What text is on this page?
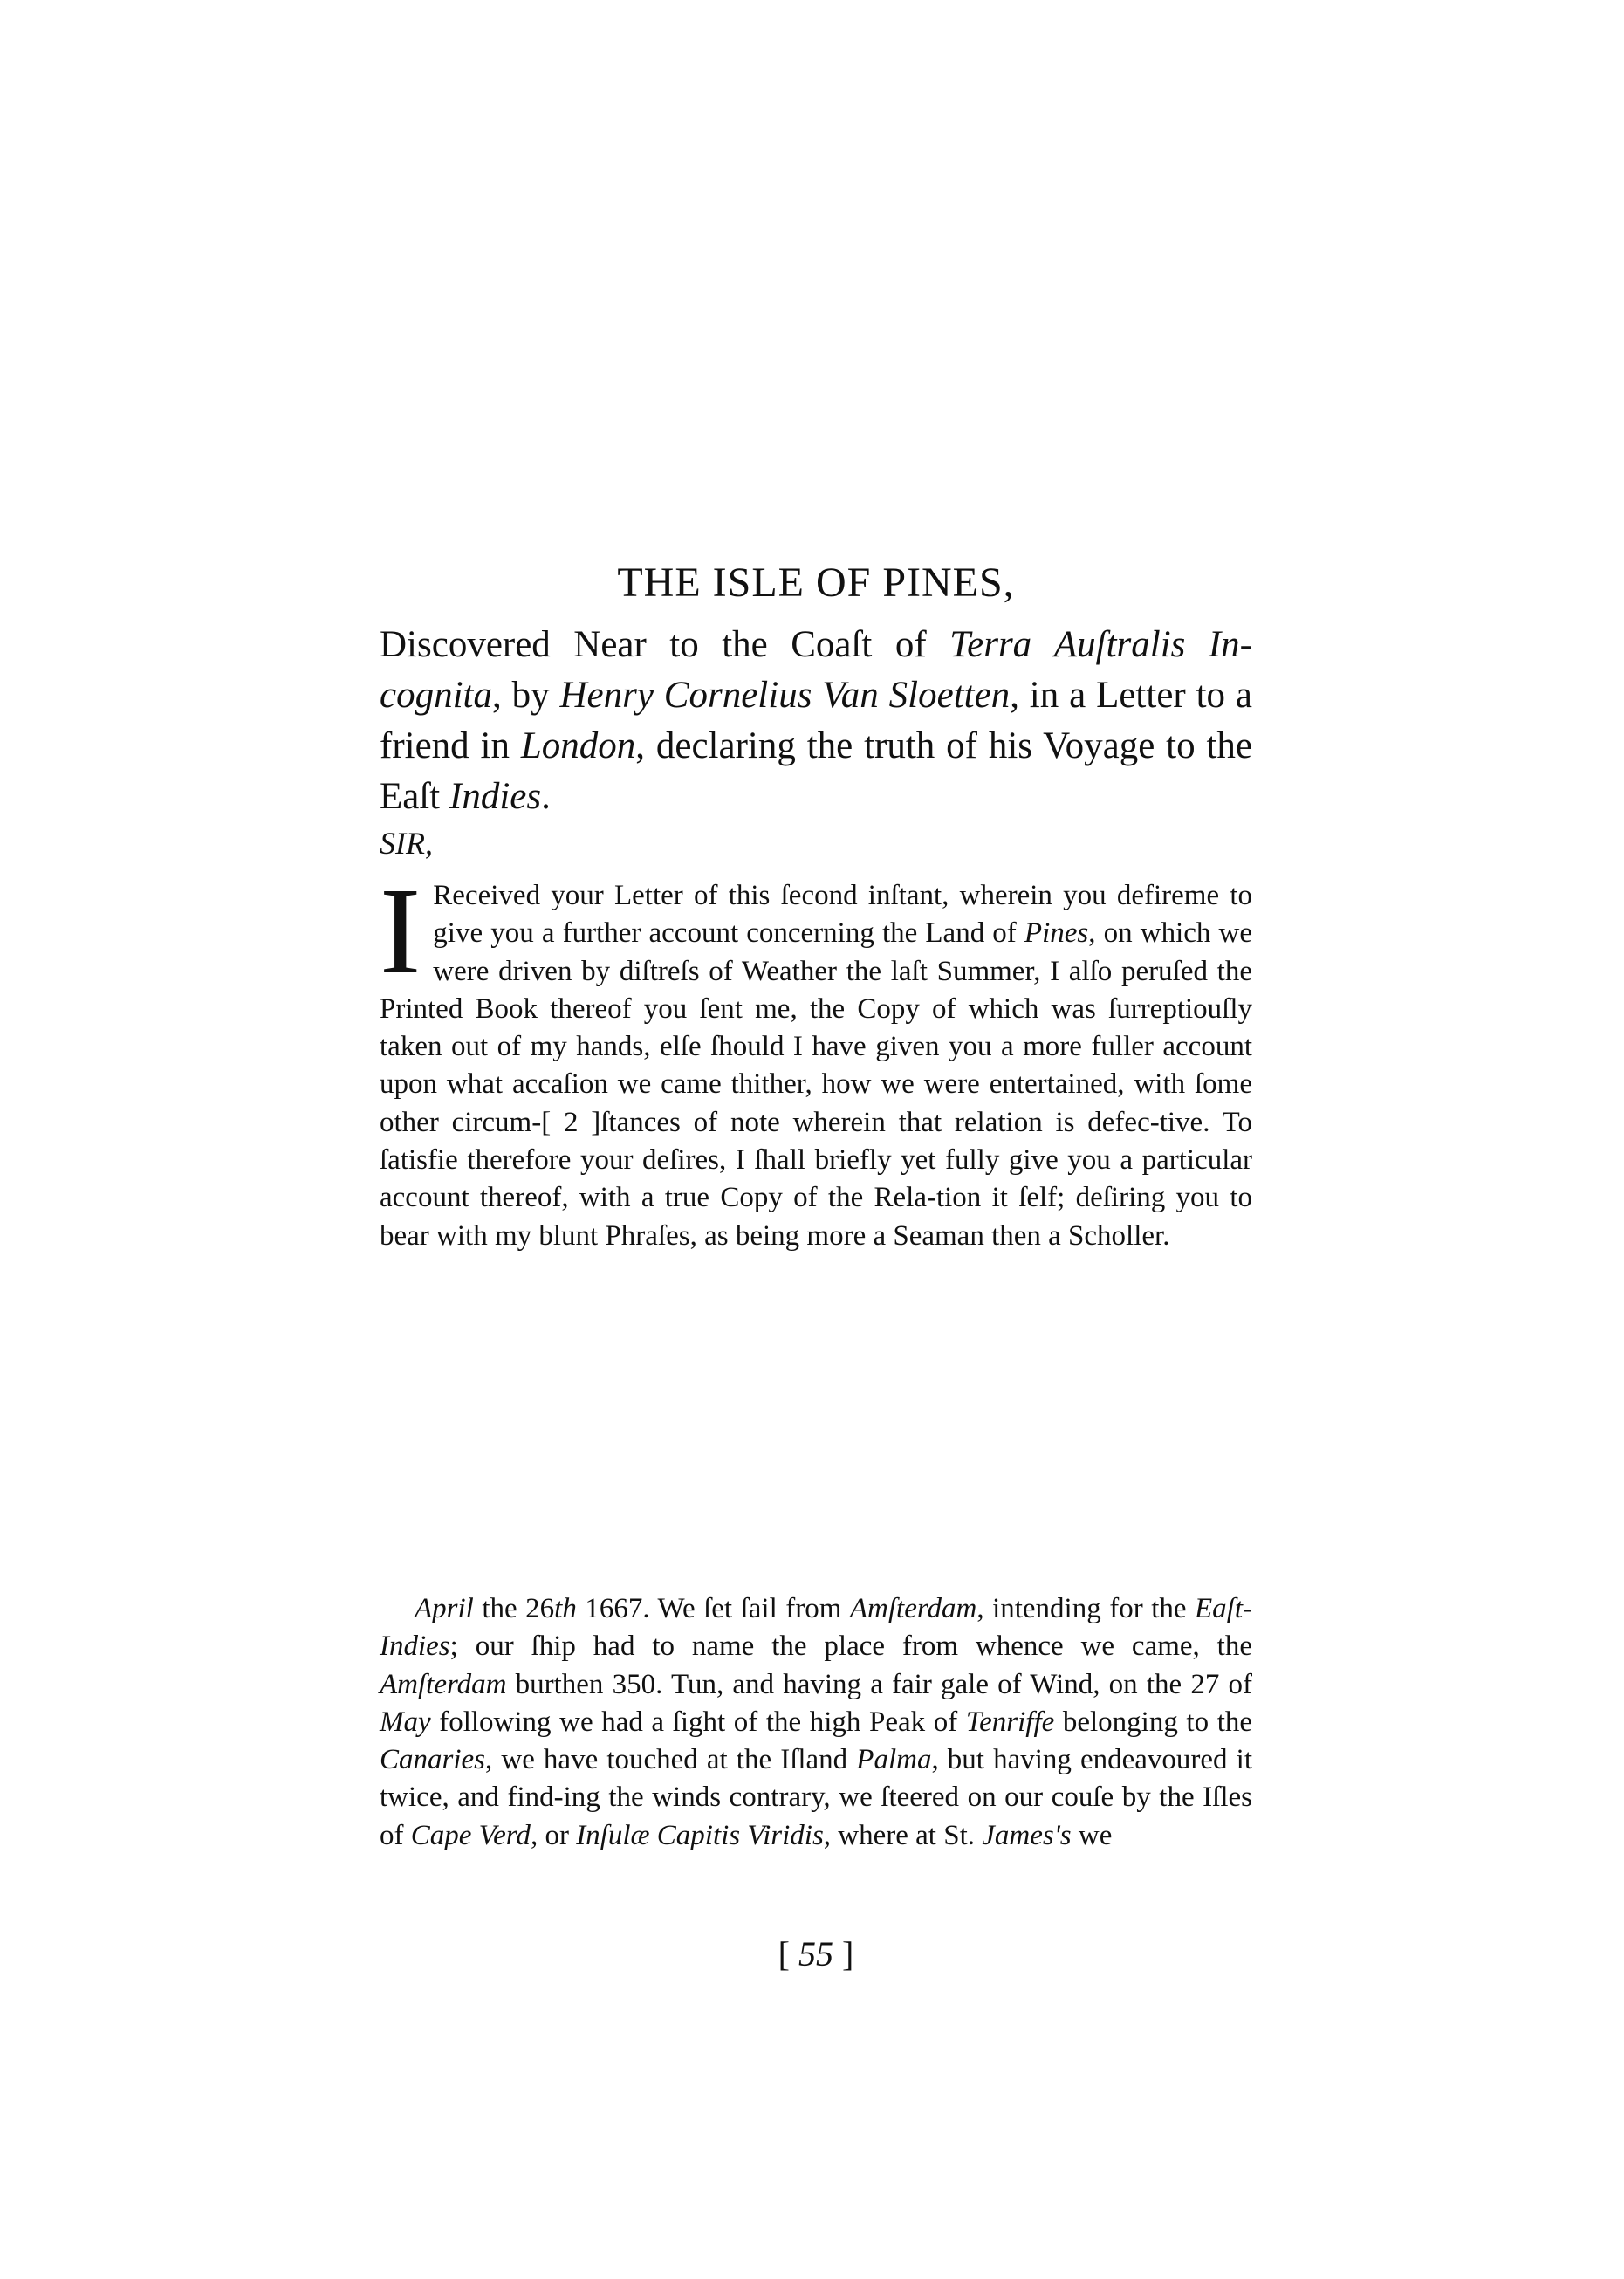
THE ISLE OF PINES,

Discovered Near to the Coaſt of Terra Auſtralis In-cognita, by Henry Cornelius Van Sloetten, in a Letter to a friend in London, declaring the truth of his Voyage to the Eaſt Indies.

SIR,

I Received your Letter of this ſecond inſtant, wherein you defireme to give you a further account concerning the Land of Pines, on which we were driven by diſtreſs of Weather the laſt Summer, I alſo peruſed the Printed Book thereof you ſent me, the Copy of which was ſurreptiouſly taken out of my hands, elſe ſhould I have given you a more fuller account upon what accaſion we came thither, how we were entertained, with ſome other circum-[ 2 ]ſtances of note wherein that relation is defec-tive. To ſatisfie therefore your deſires, I ſhall briefly yet fully give you a particular account thereof, with a true Copy of the Rela-tion it ſelf; deſiring you to bear with my blunt Phraſes, as being more a Seaman then a Scholler.

April the 26th 1667. We ſet ſail from Amſterdam, intending for the Eaſt-Indies; our ſhip had to name the place from whence we came, the Amſterdam burthen 350. Tun, and having a fair gale of Wind, on the 27 of May following we had a ſight of the high Peak of Tenriffe belonging to the Canaries, we have touched at the Iſland Palma, but having endeavoured it twice, and find-ing the winds contrary, we ſteered on our couſe by the Iſles of Cape Verd, or Inſulæ Capitis Viridis, where at St. James's we

[ 55 ]
